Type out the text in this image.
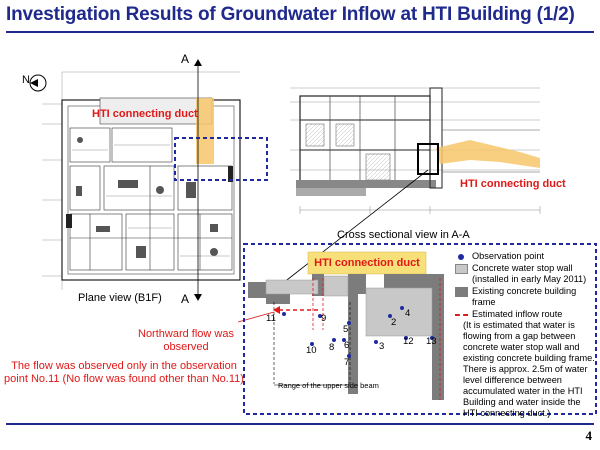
Investigation Results of Groundwater Inflow at HTI Building (1/2)
N
A
A
HTI connecting duct
Plane view (B1F)
HTI connecting duct
Cross sectional view in A-A
HTI connection duct
11	9	4
2
5
6
8
10
7
3 12 13
Range of the upper side beam
Observation point
Concrete water stop wall (installed in early May 2011)
Existing concrete building frame
Estimated inflow route
(It is estimated that water is flowing from a gap between concrete water stop wall and existing concrete building frame. There is approx. 2.5m of water level difference between accumulated water in the HTI Building and water inside the HTI connecting duct.)
Northward flow was observed
The flow was observed only in the observation point No.11 (No flow was found other than No.11)
4
